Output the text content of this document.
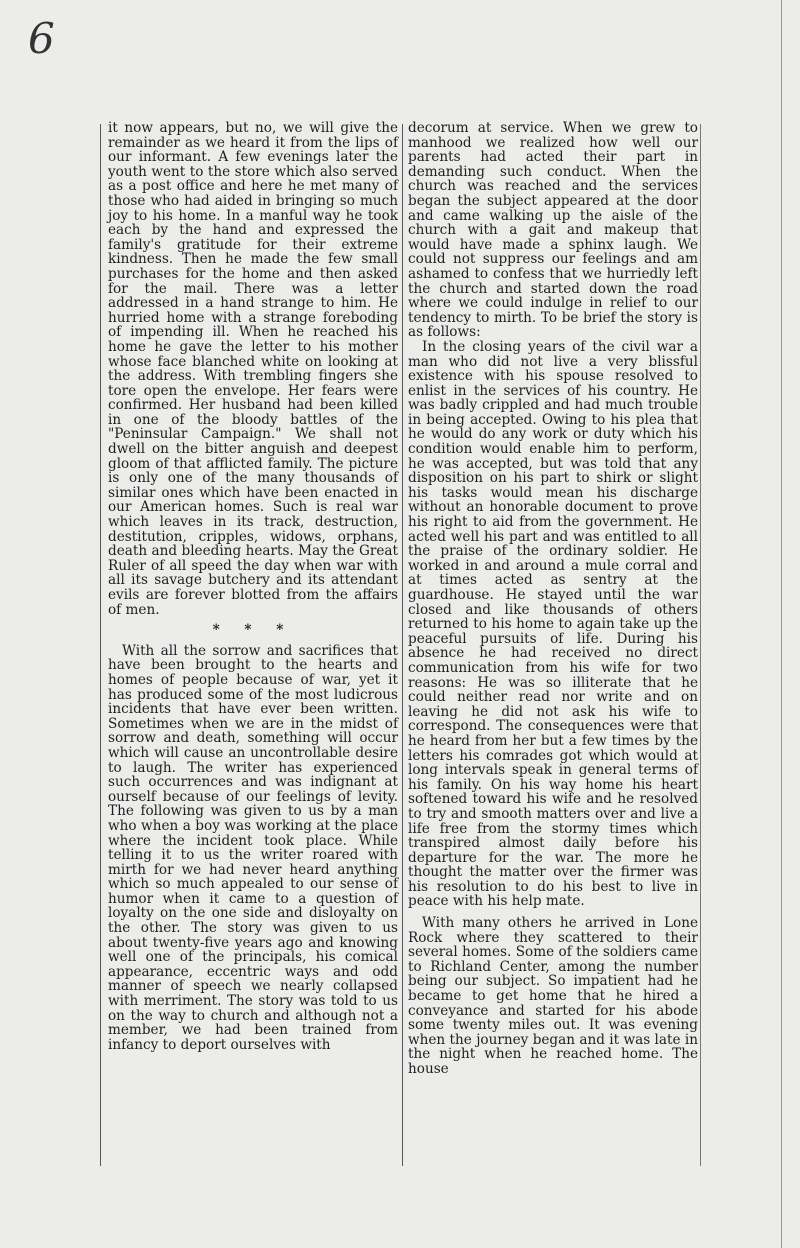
6

it now appears, but no, we will give the remainder as we heard it from the lips of our informant. A few evenings later the youth went to the store which also served as a post office and here he met many of those who had aided in bringing so much joy to his home. In a manful way he took each by the hand and expressed the family's gratitude for their extreme kindness. Then he made the few small purchases for the home and then asked for the mail. There was a letter addressed in a hand strange to him. He hurried home with a strange foreboding of impending ill. When he reached his home he gave the letter to his mother whose face blanched white on looking at the address. With trembling fingers she tore open the envelope. Her fears were confirmed. Her husband had been killed in one of the bloody battles of the "Peninsular Campaign." We shall not dwell on the bitter anguish and deepest gloom of that afflicted family. The picture is only one of the many thousands of similar ones which have been enacted in our American homes. Such is real war which leaves in its track, destruction, destitution, cripples, widows, orphans, death and bleeding hearts. May the Great Ruler of all speed the day when war with all its savage butchery and its attendant evils are forever blotted from the affairs of men.

* * *

With all the sorrow and sacrifices that have been brought to the hearts and homes of people because of war, yet it has produced some of the most ludicrous incidents that have ever been written. Sometimes when we are in the midst of sorrow and death, something will occur which will cause an uncontrollable desire to laugh. The writer has experienced such occurrences and was indignant at ourself because of our feelings of levity. The following was given to us by a man who when a boy was working at the place where the incident took place. While telling it to us the writer roared with mirth for we had never heard anything which so much appealed to our sense of humor when it came to a question of loyalty on the one side and disloyalty on the other. The story was given to us about twenty-five years ago and knowing well one of the principals, his comical appearance, eccentric ways and odd manner of speech we nearly collapsed with merriment. The story was told to us on the way to church and although not a member, we had been trained from infancy to deport ourselves with

decorum at service. When we grew to manhood we realized how well our parents had acted their part in demanding such conduct. When the church was reached and the services began the subject appeared at the door and came walking up the aisle of the church with a gait and makeup that would have made a sphinx laugh. We could not suppress our feelings and am ashamed to confess that we hurriedly left the church and started down the road where we could indulge in relief to our tendency to mirth. To be brief the story is as follows:

In the closing years of the civil war a man who did not live a very blissful existence with his spouse resolved to enlist in the services of his country. He was badly crippled and had much trouble in being accepted. Owing to his plea that he would do any work or duty which his condition would enable him to perform, he was accepted, but was told that any disposition on his part to shirk or slight his tasks would mean his discharge without an honorable document to prove his right to aid from the government. He acted well his part and was entitled to all the praise of the ordinary soldier. He worked in and around a mule corral and at times acted as sentry at the guardhouse. He stayed until the war closed and like thousands of others returned to his home to again take up the peaceful pursuits of life. During his absence he had received no direct communication from his wife for two reasons: He was so illiterate that he could neither read nor write and on leaving he did not ask his wife to correspond. The consequences were that he heard from her but a few times by the letters his comrades got which would at long intervals speak in general terms of his family. On his way home his heart softened toward his wife and he resolved to try and smooth matters over and live a life free from the stormy times which transpired almost daily before his departure for the war. The more he thought the matter over the firmer was his resolution to do his best to live in peace with his help mate.

With many others he arrived in Lone Rock where they scattered to their several homes. Some of the soldiers came to Richland Center, among the number being our subject. So impatient had he became to get home that he hired a conveyance and started for his abode some twenty miles out. It was evening when the journey began and it was late in the night when he reached home. The house
